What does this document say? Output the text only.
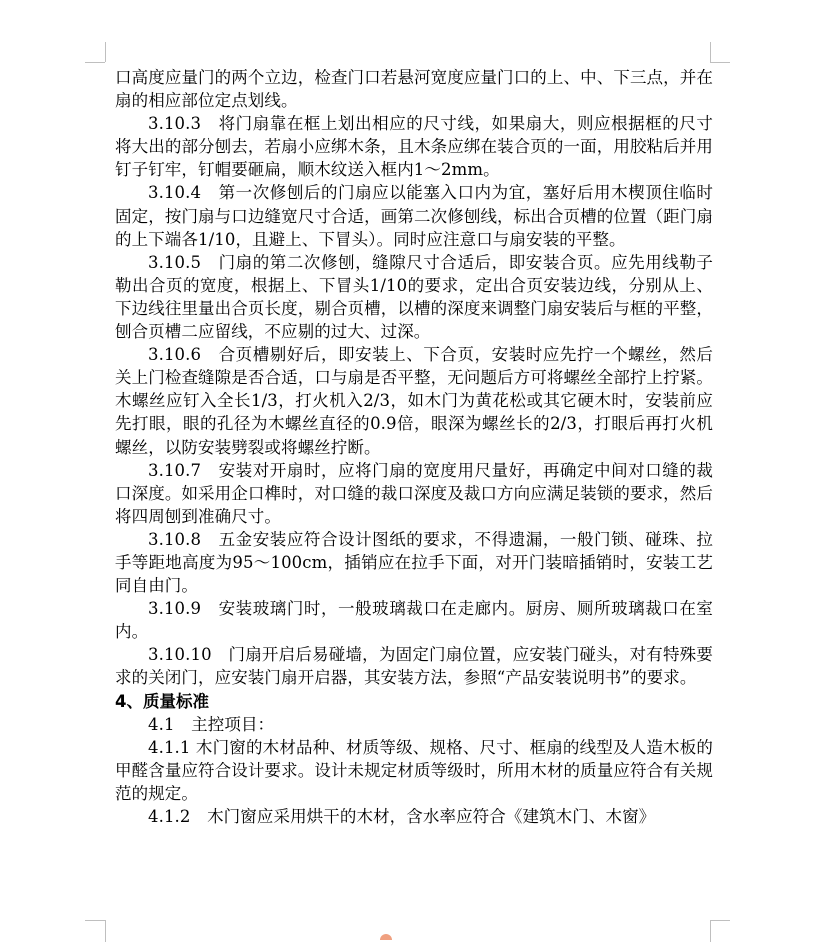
口高度应量门的两个立边，检查门口若悬河宽度应量门口的上、中、下三点，并在扇的相应部位定点划线。

3.10.3　将门扇靠在框上划出相应的尺寸线，如果扇大，则应根据框的尺寸将大出的部分刨去，若扇小应绑木条，且木条应绑在装合页的一面，用胶粘后并用钉子钉牢，钉帽要砸扁，顺木纹送入框内1～2mm。

3.10.4　第一次修刨后的门扇应以能塞入口内为宜，塞好后用木楔顶住临时固定，按门扇与口边缝宽尺寸合适，画第二次修刨线，标出合页槽的位置（距门扇的上下端各1/10，且避上、下冒头）。同时应注意口与扇安装的平整。

3.10.5　门扇的第二次修刨，缝隙尺寸合适后，即安装合页。应先用线勒子勒出合页的宽度，根据上、下冒头1/10的要求，定出合页安装边线，分别从上、下边线往里量出合页长度，剔合页槽，以槽的深度来调整门扇安装后与框的平整，刨合页槽二应留线，不应剔的过大、过深。

3.10.6　合页槽剔好后，即安装上、下合页，安装时应先拧一个螺丝，然后关上门检查缝隙是否合适，口与扇是否平整，无问题后方可将螺丝全部拧上拧紧。木螺丝应钉入全长1/3，打火机入2/3，如木门为黄花松或其它硬木时，安装前应先打眼，眼的孔径为木螺丝直径的0.9倍，眼深为螺丝长的2/3，打眼后再打火机螺丝，以防安装劈裂或将螺丝拧断。

3.10.7　安装对开扇时，应将门扇的宽度用尺量好，再确定中间对口缝的裁口深度。如采用企口榫时，对口缝的裁口深度及裁口方向应满足装锁的要求，然后将四周刨到准确尺寸。

3.10.8　五金安装应符合设计图纸的要求，不得遗漏，一般门锁、碰珠、拉手等距地高度为95～100cm，插销应在拉手下面，对开门装暗插销时，安装工艺同自由门。

3.10.9　安装玻璃门时，一般玻璃裁口在走廊内。厨房、厕所玻璃裁口在室内。

3.10.10　门扇开启后易碰墙，为固定门扇位置，应安装门碰头，对有特殊要求的关闭门，应安装门扇开启器，其安装方法，参照“产品安装说明书”的要求。

4、质量标准

4.1　主控项目：

4.1.1 木门窗的木材品种、材质等级、规格、尺寸、框扇的线型及人造木板的甲醛含量应符合设计要求。设计未规定材质等级时，所用木材的质量应符合有关规范的规定。

4.1.2　木门窗应采用烘干的木材，含水率应符合《建筑木门、木窗》
